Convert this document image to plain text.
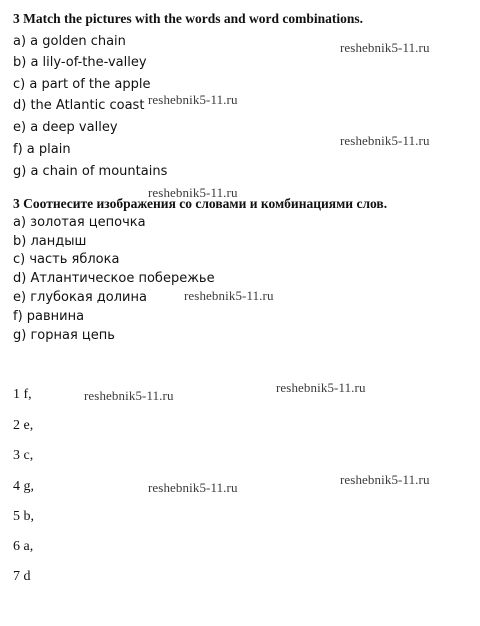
3 Match the pictures with the words and word combinations.

a) a golden chain

b) a lily-of-the-valley

c) a part of the apple

d) the Atlantic coast

e) a deep valley

f) a plain

g) a chain of mountains

3 Соотнесите изображения со словами и комбинациями слов.

a) золотая цепочка

b) ландыш

c) часть яблока

d) Атлантическое побережье

e) глубокая долина

f) равнина

g) горная цепь

1 f,

2 e,

3 c,

4 g,

5 b,

6 a,

7 d

reshebnik5-11.ru
reshebnik5-11.ru
reshebnik5-11.ru
reshebnik5-11.ru
reshebnik5-11.ru
reshebnik5-11.ru
reshebnik5-11.ru
reshebnik5-11.ru
reshebnik5-11.ru
